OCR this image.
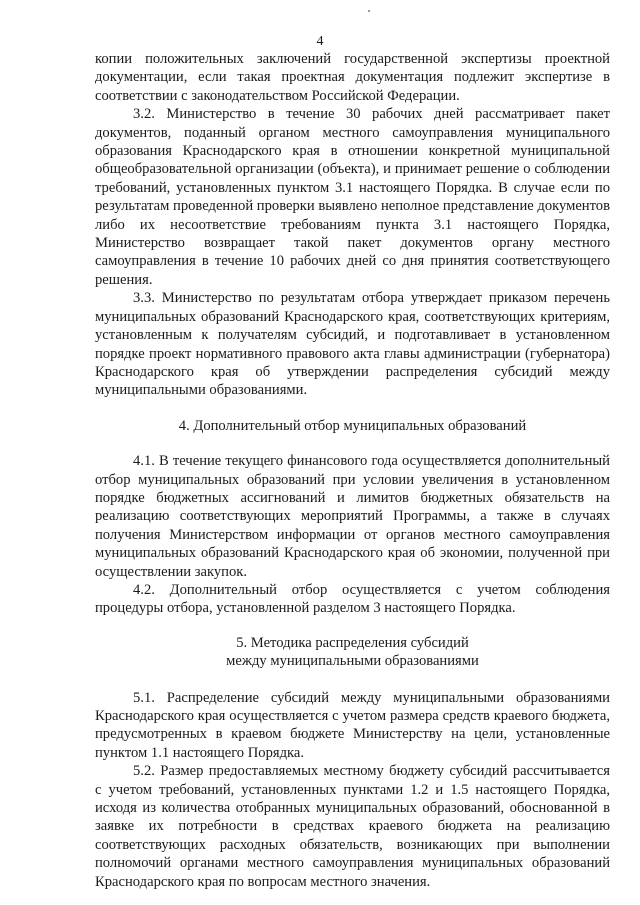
4

копии положительных заключений государственной экспертизы проектной документации, если такая проектная документация подлежит экспертизе в соответствии с законодательством Российской Федерации.

3.2. Министерство в течение 30 рабочих дней рассматривает пакет документов, поданный органом местного самоуправления муниципального образования Краснодарского края в отношении конкретной муниципальной общеобразовательной организации (объекта), и принимает решение о соблюдении требований, установленных пунктом 3.1 настоящего Порядка. В случае если по результатам проведенной проверки выявлено неполное представление документов либо их несоответствие требованиям пункта 3.1 настоящего Порядка, Министерство возвращает такой пакет документов органу местного самоуправления в течение 10 рабочих дней со дня принятия соответствующего решения.

3.3. Министерство по результатам отбора утверждает приказом перечень муниципальных образований Краснодарского края, соответствующих критериям, установленным к получателям субсидий, и подготавливает в установленном порядке проект нормативного правового акта главы администрации (губернатора) Краснодарского края об утверждении распределения субсидий между муниципальными образованиями.

4. Дополнительный отбор муниципальных образований

4.1. В течение текущего финансового года осуществляется дополнительный отбор муниципальных образований при условии увеличения в установленном порядке бюджетных ассигнований и лимитов бюджетных обязательств на реализацию соответствующих мероприятий Программы, а также в случаях получения Министерством информации от органов местного самоуправления муниципальных образований Краснодарского края об экономии, полученной при осуществлении закупок.

4.2. Дополнительный отбор осуществляется с учетом соблюдения процедуры отбора, установленной разделом 3 настоящего Порядка.

5. Методика распределения субсидий
между муниципальными образованиями

5.1. Распределение субсидий между муниципальными образованиями Краснодарского края осуществляется с учетом размера средств краевого бюджета, предусмотренных в краевом бюджете Министерству на цели, установленные пунктом 1.1 настоящего Порядка.

5.2. Размер предоставляемых местному бюджету субсидий рассчитывается с учетом требований, установленных пунктами 1.2 и 1.5 настоящего Порядка, исходя из количества отобранных муниципальных образований, обоснованной в заявке их потребности в средствах краевого бюджета на реализацию соответствующих расходных обязательств, возникающих при выполнении полномочий органами местного самоуправления муниципальных образований Краснодарского края по вопросам местного значения.
